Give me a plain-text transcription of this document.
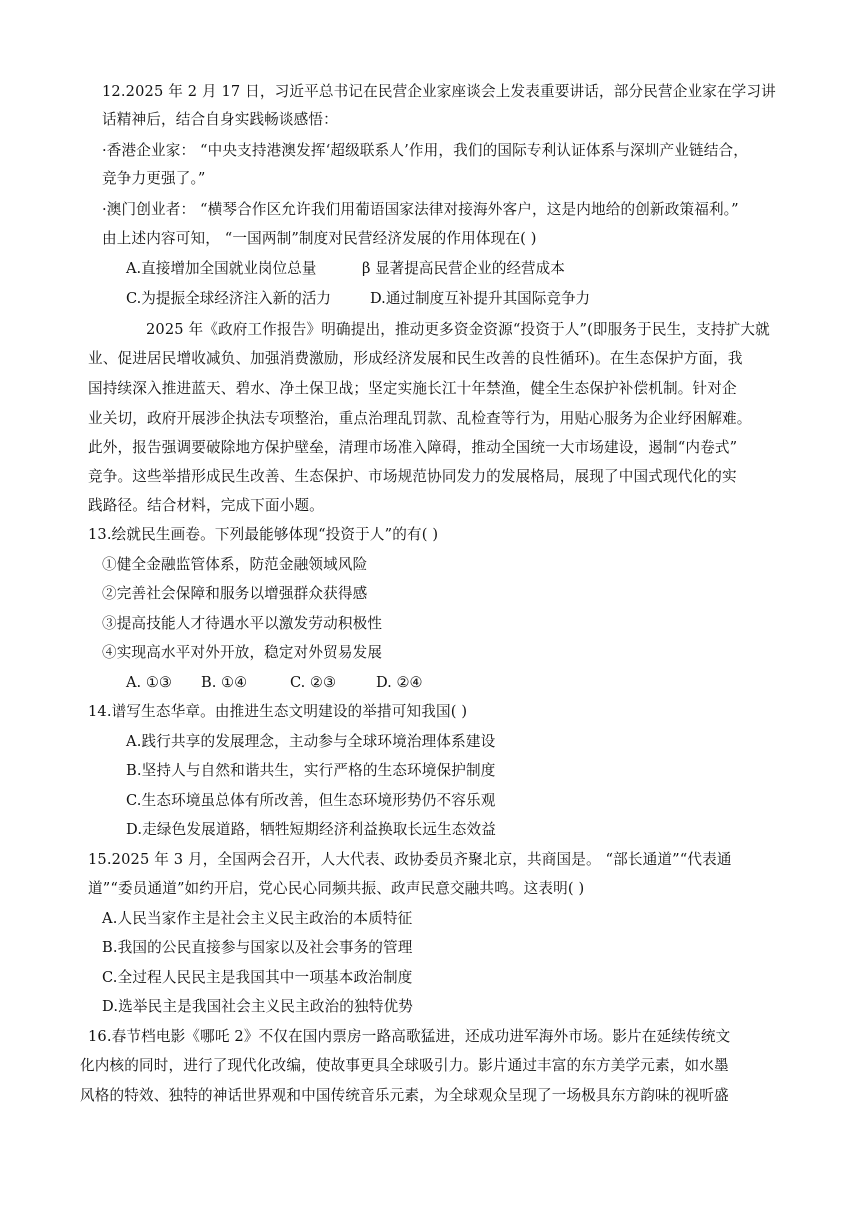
12.2025 年 2 月 17 日，习近平总书记在民营企业家座谈会上发表重要讲话，部分民营企业家在学习讲
话精神后，结合自身实践畅谈感悟：
·香港企业家： “中央支持港澳发挥‘超级联系人’作用，我们的国际专利认证体系与深圳产业链结合，
竞争力更强了。”
·澳门创业者： “横琴合作区允许我们用葡语国家法律对接海外客户，这是内地给的创新政策福利。”
由上述内容可知， “一国两制”制度对民营经济发展的作用体现在( )
A.直接增加全国就业岗位总量	β 显著提高民营企业的经营成本
C.为提振全球经济注入新的活力	D.通过制度互补提升其国际竞争力
2025 年《政府工作报告》明确提出，推动更多资金资源“投资于人”(即服务于民生，支持扩大就
业、促进居民增收减负、加强消费激励，形成经济发展和民生改善的良性循环)。在生态保护方面，我
国持续深入推进蓝天、碧水、净土保卫战；坚定实施长江十年禁渔，健全生态保护补偿机制。针对企
业关切，政府开展涉企执法专项整治，重点治理乱罚款、乱检查等行为，用贴心服务为企业纾困解难。
此外，报告强调要破除地方保护壁垒，清理市场准入障碍，推动全国统一大市场建设，遏制“内卷式”
竞争。这些举措形成民生改善、生态保护、市场规范协同发力的发展格局，展现了中国式现代化的实
践路径。结合材料，完成下面小题。
13.绘就民生画卷。下列最能够体现“投资于人”的有( )
①健全金融监管体系，防范金融领域风险
②完善社会保障和服务以增强群众获得感
③提高技能人才待遇水平以激发劳动积极性
④实现高水平对外开放，稳定对外贸易发展
A. ①③ B. ①④	C. ②③	D. ②④
14.谱写生态华章。由推进生态文明建设的举措可知我国( )
A.践行共享的发展理念，主动参与全球环境治理体系建设
B.坚持人与自然和谐共生，实行严格的生态环境保护制度
C.生态环境虽总体有所改善，但生态环境形势仍不容乐观
D.走绿色发展道路，牺牲短期经济利益换取长远生态效益
15.2025 年 3 月，全国两会召开，人大代表、政协委员齐聚北京，共商国是。 “部长通道”“代表通
道”“委员通道”如约开启，党心民心同频共振、政声民意交融共鸣。这表明( )
A.人民当家作主是社会主义民主政治的本质特征
B.我国的公民直接参与国家以及社会事务的管理
C.全过程人民民主是我国其中一项基本政治制度
D.选举民主是我国社会主义民主政治的独特优势
16.春节档电影《哪吒 2》不仅在国内票房一路高歌猛进，还成功进军海外市场。影片在延续传统文
化内核的同时，进行了现代化改编，使故事更具全球吸引力。影片通过丰富的东方美学元素，如水墨
风格的特效、独特的神话世界观和中国传统音乐元素，为全球观众呈现了一场极具东方韵味的视听盛
